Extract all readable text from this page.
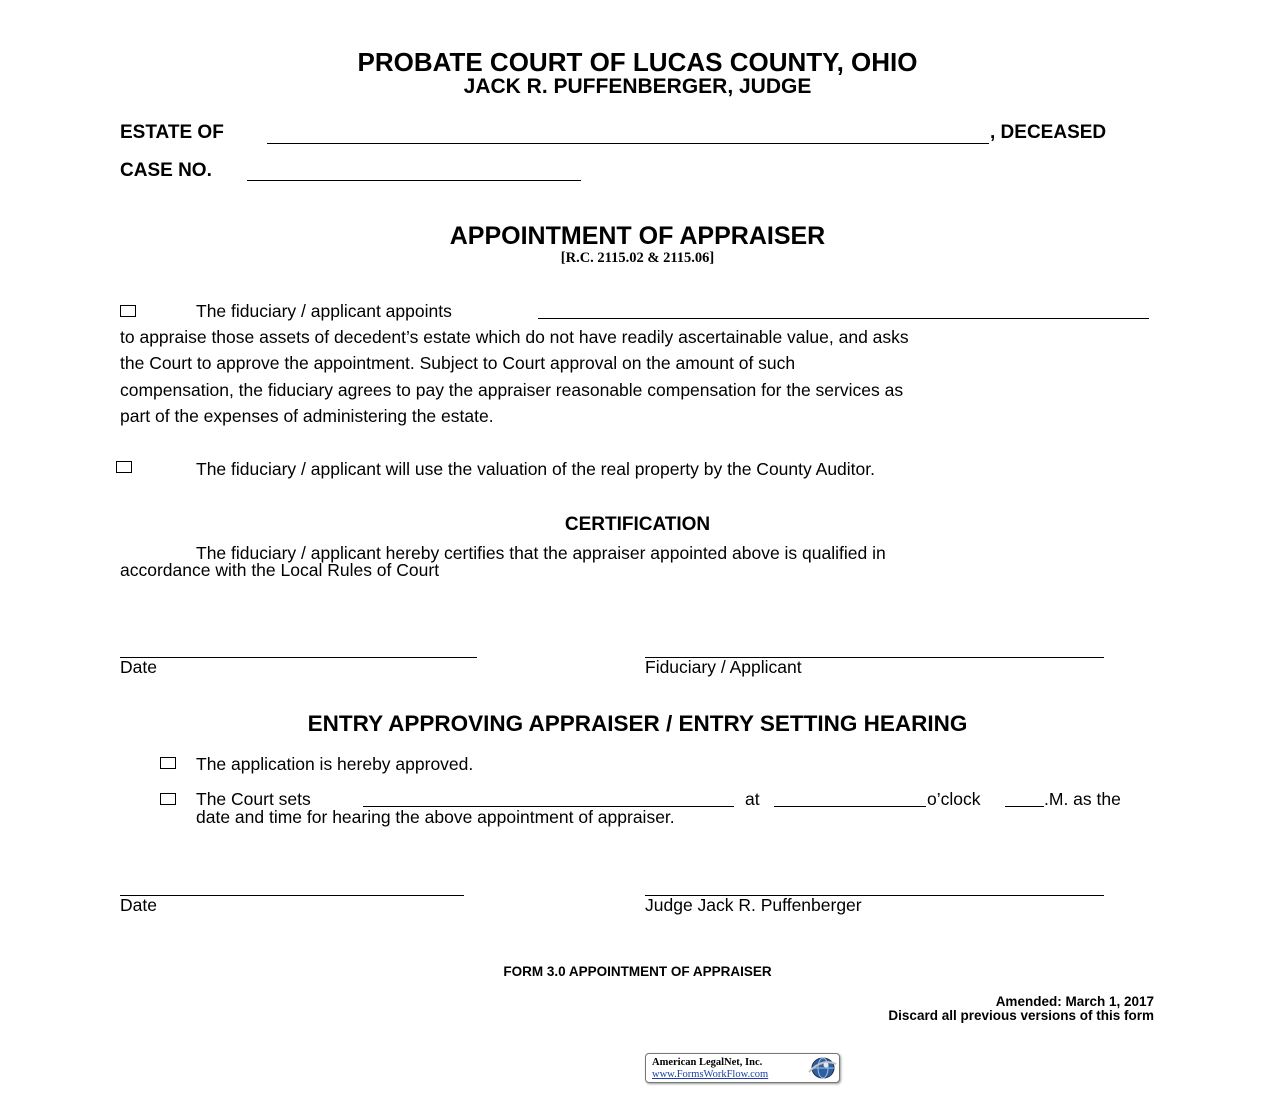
PROBATE COURT OF LUCAS COUNTY, OHIO
JACK R. PUFFENBERGER, JUDGE
ESTATE OF	, DECEASED
CASE NO.
APPOINTMENT OF APPRAISER
[R.C. 2115.02 & 2115.06]
The fiduciary / applicant appoints
to appraise those assets of decedent’s estate which do not have readily ascertainable value, and asks
the Court to approve the appointment. Subject to Court approval on the amount of such
compensation, the fiduciary agrees to pay the appraiser reasonable compensation for the services as
part of the expenses of administering the estate.
The fiduciary / applicant will use the valuation of the real property by the County Auditor.
CERTIFICATION
The fiduciary / applicant hereby certifies that the appraiser appointed above is qualified in
accordance with the Local Rules of Court
Date	Fiduciary / Applicant
ENTRY APPROVING APPRAISER / ENTRY SETTING HEARING
The application is hereby approved.
The Court sets	at	o’clock	.M. as the
date and time for hearing the above appointment of appraiser.
Date	Judge Jack R. Puffenberger
FORM 3.0 APPOINTMENT OF APPRAISER
Amended: March 1, 2017
Discard all previous versions of this form
American LegalNet, Inc.
www.FormsWorkFlow.com
